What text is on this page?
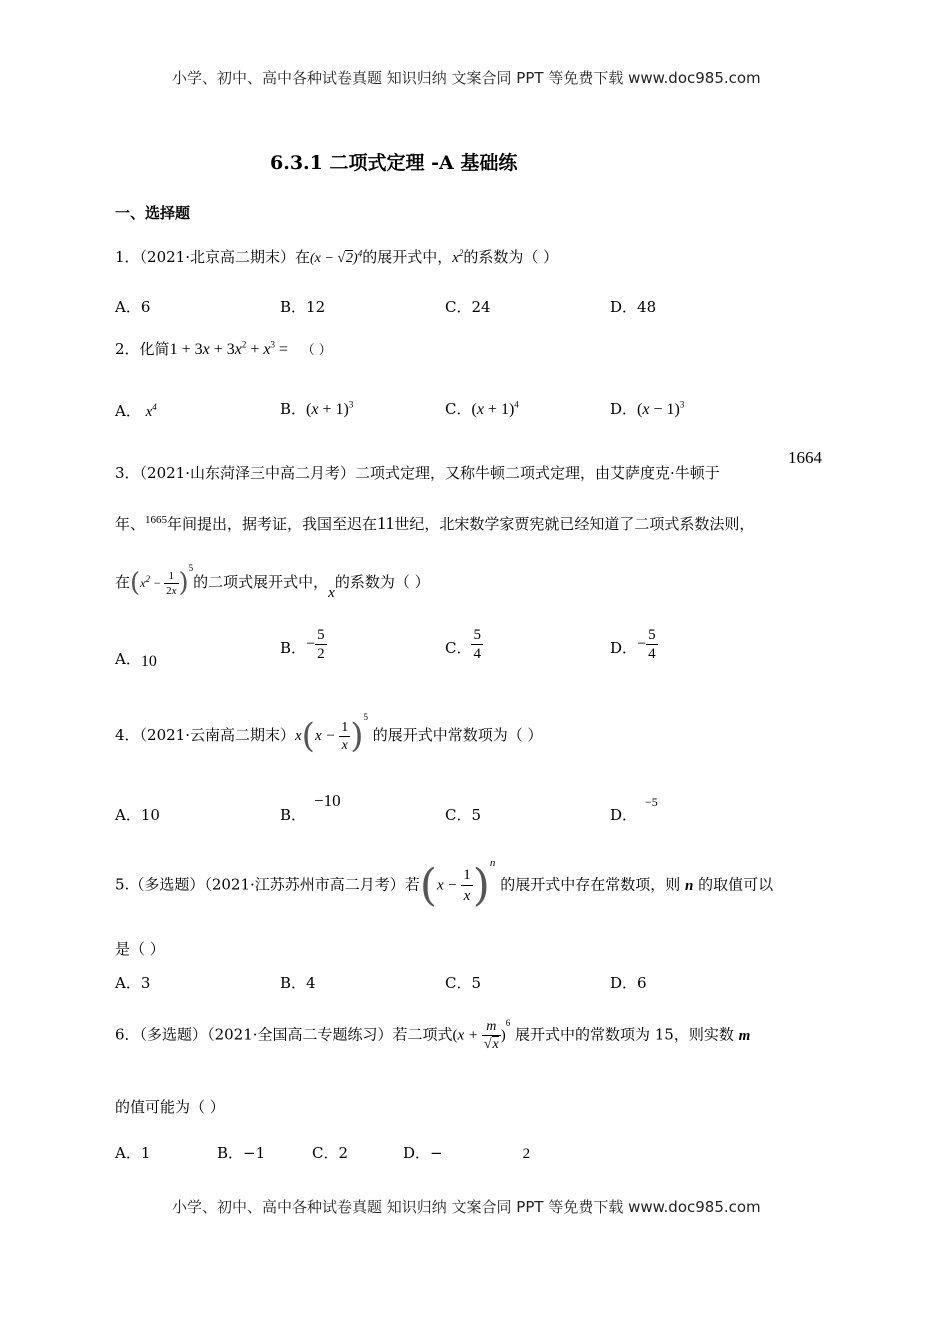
小学、初中、高中各种试卷真题 知识归纳 文案合同 PPT 等免费下载 www.doc985.com
6.3.1 二项式定理 -A 基础练
一、选择题
1．（2021·北京高二期末）在$(x - √2)^4$的展开式中，$x^2$的系数为（ ）
A．6	B．12	C．24	D．48
2．化简$1 + 3x + 3x^2 + x^3$ =   （ ）
A． $x^4$	B．$(x + 1)^3$	C．$(x + 1)^4$	D．$(x - 1)^3$
3．（2021·山东菏泽三中高二月考）二项式定理，又称牛顿二项式定理，由艾萨度克·牛顿于
1664
年、$^{1665}$年间提出，据考证，我国至迟在11世纪，北宋数学家贾宪就已经知道了二项式系数法则，
在$(x^2 - \frac{1}{2x} )^5$的二项式展开式中，x的系数为（ ）
A．10
B．− $\frac{5}{2}$	C． $\frac{5}{4}$	D．− $\frac{5}{4}$
4．（2021·云南高二期末）$x(x - \frac{1}{x} )^5$ 的展开式中常数项为（ ）
A．10	B．−10
C．5	D．−5
5.（多选题）（2021·江苏苏州市高二月考）若$(x - \frac{1}{x} )^n$ 的展开式中存在常数项，则 n 的取值可以
是（ ）
A．3	B．4	C．5	D．6
6．（多选题）（2021·全国高二专题练习）若二项式$(x + \frac{m}{√x} )^6$ 展开式中的常数项为 15，则实数 m
的值可能为（ ）
A．1	B．−1	C．2	D．−	2
小学、初中、高中各种试卷真题 知识归纳 文案合同 PPT 等免费下载 www.doc985.com
